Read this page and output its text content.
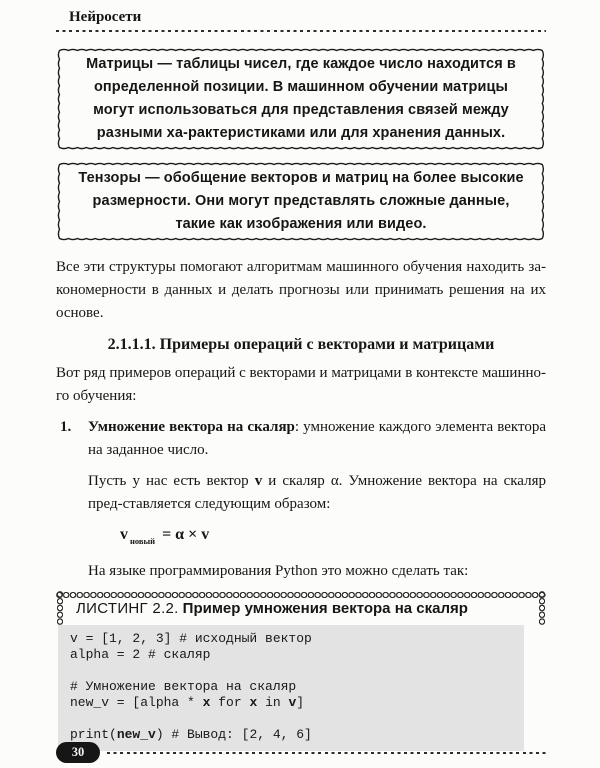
Нейросети
Матрицы — таблицы чисел, где каждое число находится в определенной позиции. В машинном обучении матрицы могут использоваться для представления связей между разными ха-рактеристиками или для хранения данных.
Тензоры — обобщение векторов и матриц на более высокие размерности. Они могут представлять сложные данные, такие как изображения или видео.

Все эти структуры помогают алгоритмам машинного обучения находить за-кономерности в данных и делать прогнозы или принимать решения на их основе.

2.1.1.1. Примеры операций с векторами и матрицами

Вот ряд примеров операций с векторами и матрицами в контексте машинно-го обучения:

1. Умножение вектора на скаляр: умножение каждого элемента вектора на заданное число.

Пусть у нас есть вектор v и скаляр α. Умножение вектора на скаляр пред-ставляется следующим образом:

v $_{новый}$ = α × v

На языке программирования Python это можно сделать так:

ЛИСТИНГ 2.2. Пример умножения вектора на скаляр
v = [1, 2, 3] # исходный вектор
alpha = 2 # скаляр

# Умножение вектора на скаляр
new_v = [alpha * x for x in v]

print(new_v) # Вывод: [2, 4, 6]
30
